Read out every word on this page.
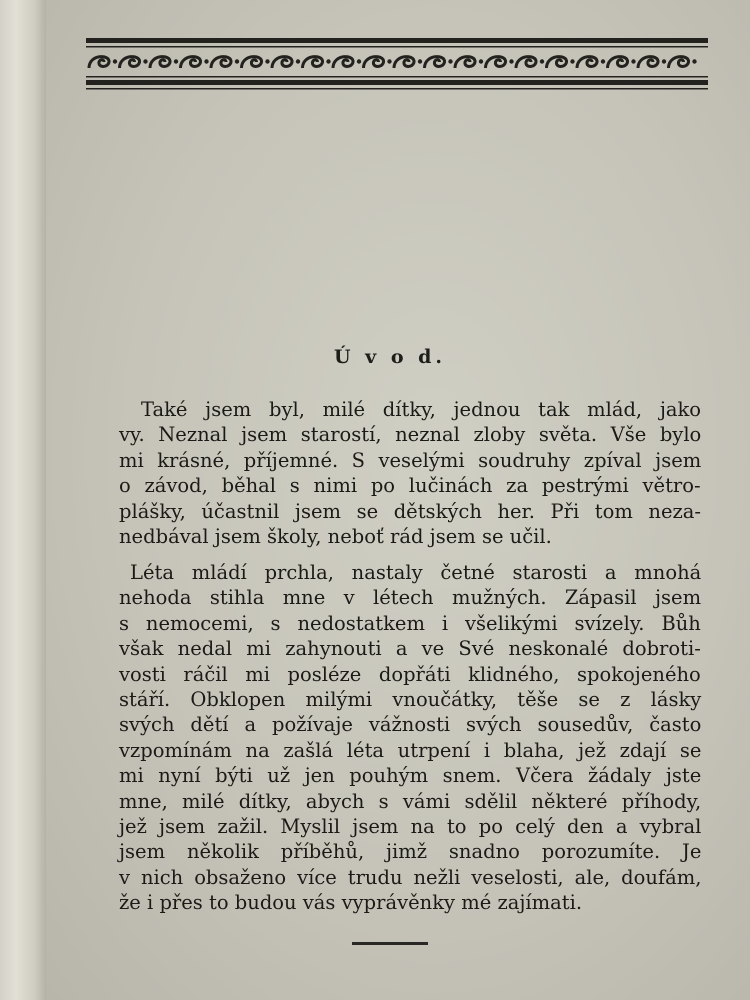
Ú v o d.
Také jsem byl, milé dítky, jednou tak mlád, jako
vy. Neznal jsem starostí, neznal zloby světa. Vše bylo
mi krásné, příjemné. S veselými soudruhy zpíval jsem
o závod, běhal s nimi po lučinách za pestrými větro-
plášky, účastnil jsem se dětských her. Při tom neza-
nedbával jsem školy, neboť rád jsem se učil.
Léta mládí prchla, nastaly četné starosti a mnohá
nehoda stihla mne v létech mužných. Zápasil jsem
s nemocemi, s nedostatkem i všelikými svízely. Bůh
však nedal mi zahynouti a ve Své neskonalé dobroti-
vosti ráčil mi posléze dopřáti klidného, spokojeného
stáří. Obklopen milými vnoučátky, těše se z lásky
svých dětí a požívaje vážnosti svých sousedův, často
vzpomínám na zašlá léta utrpení i blaha, jež zdají se
mi nyní býti už jen pouhým snem. Včera žádaly jste
mne, milé dítky, abych s vámi sdělil některé příhody,
jež jsem zažil. Myslil jsem na to po celý den a vybral
jsem několik příběhů, jimž snadno porozumíte. Je
v nich obsaženo více trudu nežli veselosti, ale, doufám,
že i přes to budou vás vyprávěnky mé zajímati.
